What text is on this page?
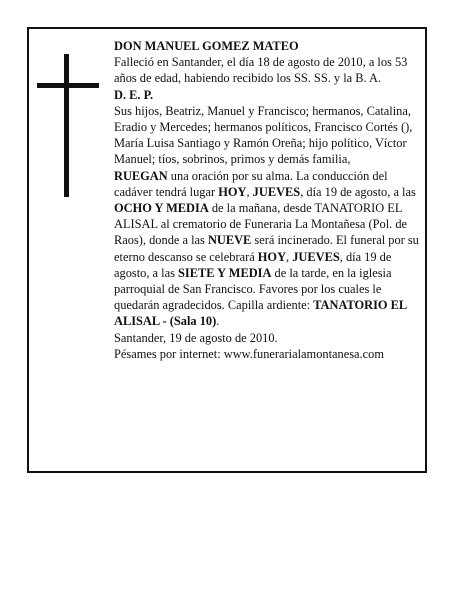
DON MANUEL GOMEZ MATEO

Falleció en Santander, el día 18 de agosto de 2010, a los 53 años de edad, habiendo recibido los SS. SS. y la B. A.

D. E. P.

Sus hijos, Beatriz, Manuel y Francisco; hermanos, Catalina, Eradio y Mercedes; hermanos políticos, Francisco Cortés (), María Luisa Santiago y Ramón Oreña; hijo político, Víctor Manuel; tíos, sobrinos, primos y demás familia,

RUEGAN una oración por su alma. La conducción del cadáver tendrá lugar HOY, JUEVES, día 19 de agosto, a las OCHO Y MEDIA de la mañana, desde TANATORIO EL ALISAL al crematorio de Funeraria La Montañesa (Pol. de Raos), donde a las NUEVE será incinerado. El funeral por su eterno descanso se celebrará HOY, JUEVES, día 19 de agosto, a las SIETE Y MEDIA de la tarde, en la iglesia parroquial de San Francisco. Favores por los cuales le quedarán agradecidos. Capilla ardiente: TANATORIO EL ALISAL - (Sala 10).

Santander, 19 de agosto de 2010.

Pésames por internet: www.funerarialamontanesa.com
